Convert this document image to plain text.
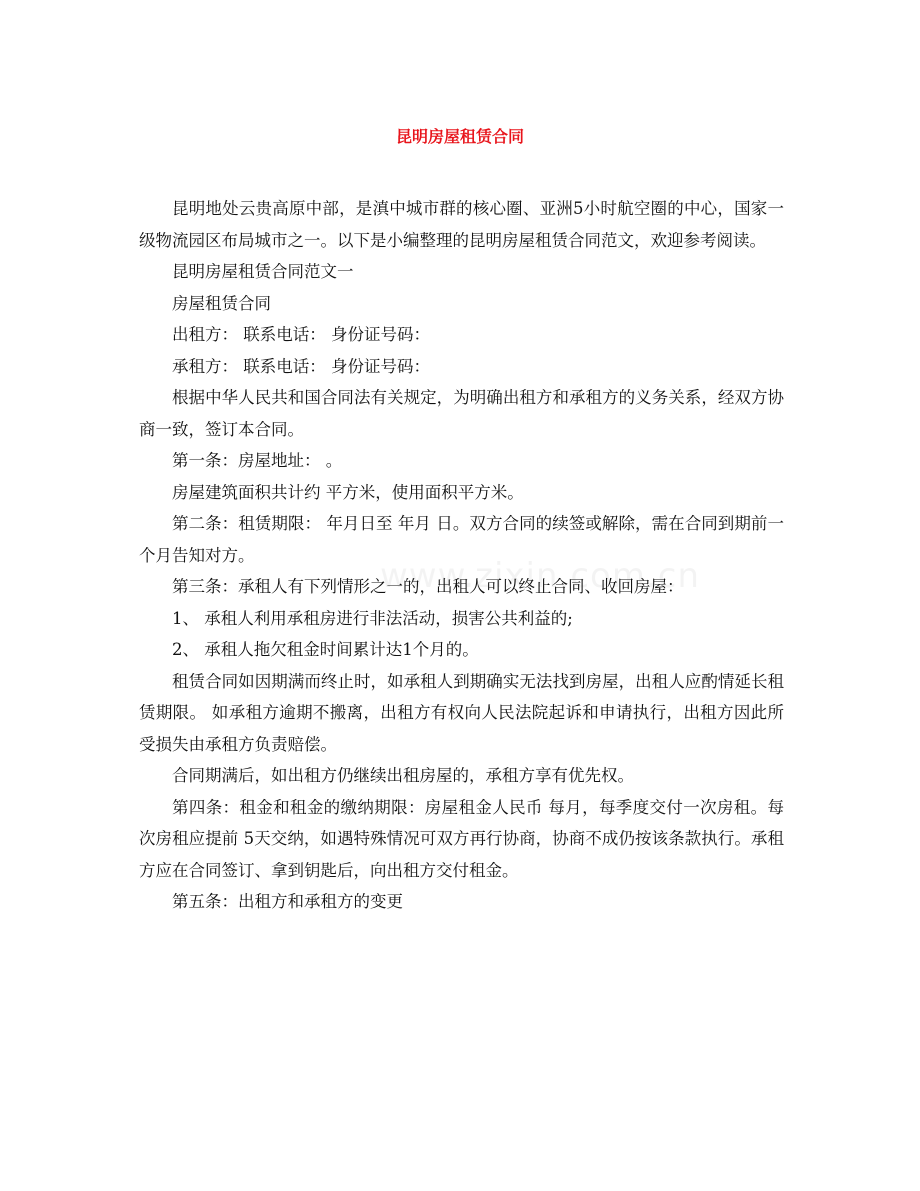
昆明房屋租赁合同

昆明地处云贵高原中部，是滇中城市群的核心圈、亚洲5小时航空圈的中心，国家一级物流园区布局城市之一。以下是小编整理的昆明房屋租赁合同范文，欢迎参考阅读。

昆明房屋租赁合同范文一

房屋租赁合同

出租方： 联系电话： 身份证号码：

承租方： 联系电话： 身份证号码：

根据中华人民共和国合同法有关规定，为明确出租方和承租方的义务关系，经双方协商一致，签订本合同。

第一条：房屋地址： 。

房屋建筑面积共计约 平方米，使用面积平方米。

第二条：租赁期限： 年月日至 年月 日。双方合同的续签或解除，需在合同到期前一个月告知对方。

第三条：承租人有下列情形之一的，出租人可以终止合同、收回房屋：

1、 承租人利用承租房进行非法活动，损害公共利益的;

2、 承租人拖欠租金时间累计达1个月的。

租赁合同如因期满而终止时，如承租人到期确实无法找到房屋，出租人应酌情延长租赁期限。 如承租方逾期不搬离，出租方有权向人民法院起诉和申请执行，出租方因此所受损失由承租方负责赔偿。

合同期满后，如出租方仍继续出租房屋的，承租方享有优先权。

第四条：租金和租金的缴纳期限：房屋租金人民币 每月，每季度交付一次房租。每次房租应提前 5天交纳，如遇特殊情况可双方再行协商，协商不成仍按该条款执行。承租方应在合同签订、拿到钥匙后，向出租方交付租金。

第五条：出租方和承租方的变更
